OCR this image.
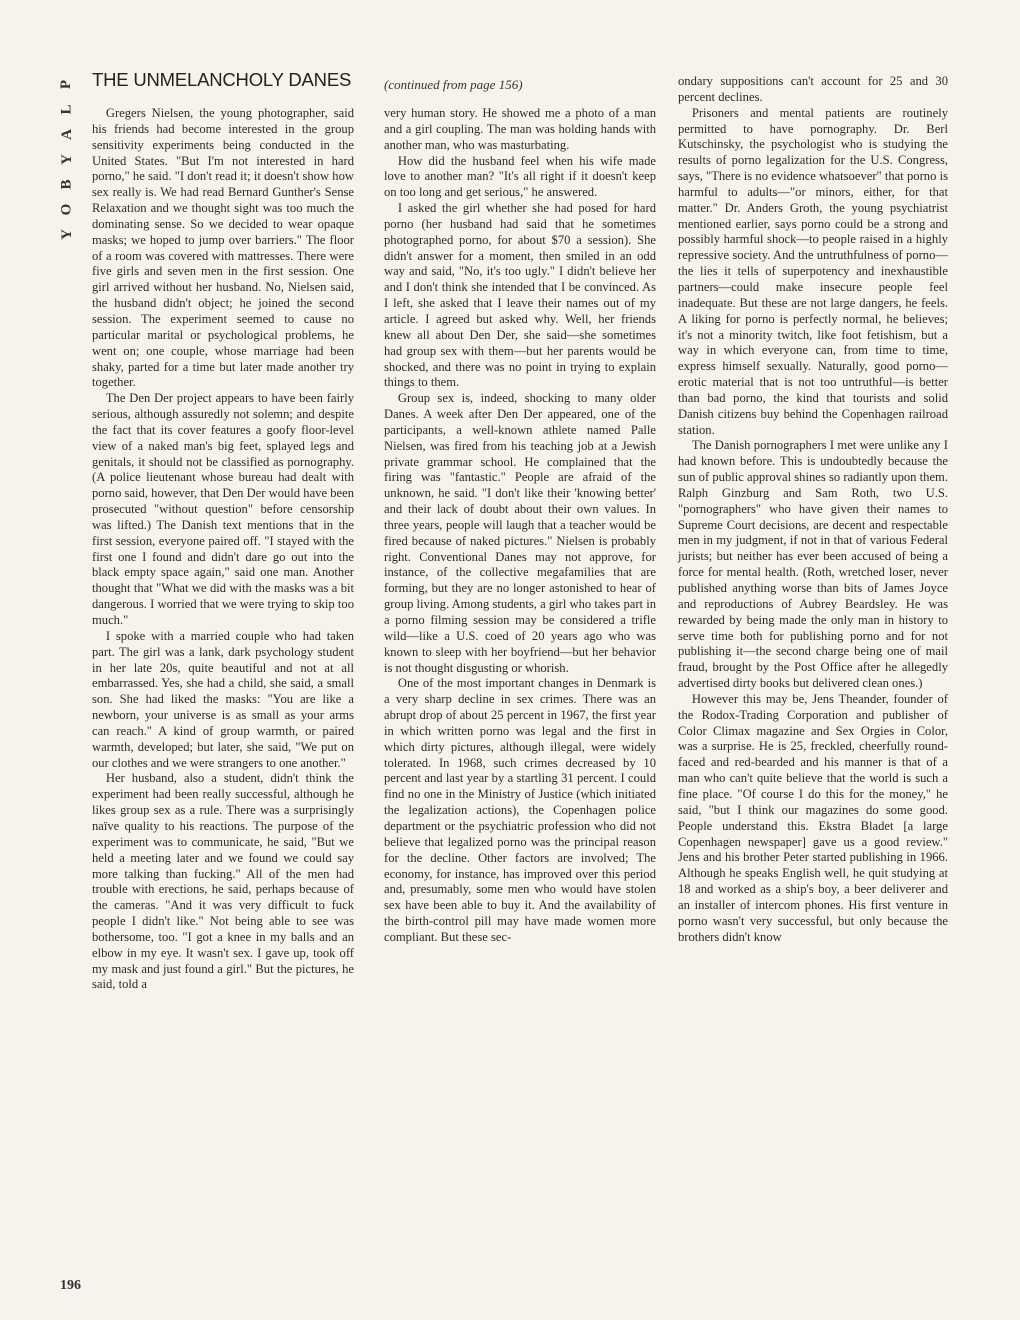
P
L
A
Y
B
O
Y
THE UNMELANCHOLY DANES

Gregers Nielsen, the young photographer, said his friends had become interested in the group sensitivity experiments being conducted in the United States. "But I'm not interested in hard porno," he said. "I don't read it; it doesn't show how sex really is. We had read Bernard Gunther's Sense Relaxation and we thought sight was too much the dominating sense. So we decided to wear opaque masks; we hoped to jump over barriers." The floor of a room was covered with mattresses. There were five girls and seven men in the first session. One girl arrived without her husband. No, Nielsen said, the husband didn't object; he joined the second session. The experiment seemed to cause no particular marital or psychological problems, he went on; one couple, whose marriage had been shaky, parted for a time but later made another try together.

The Den Der project appears to have been fairly serious, although assuredly not solemn; and despite the fact that its cover features a goofy floor-level view of a naked man's big feet, splayed legs and genitals, it should not be classified as pornography. (A police lieutenant whose bureau had dealt with porno said, however, that Den Der would have been prosecuted "without question" before censorship was lifted.) The Danish text mentions that in the first session, everyone paired off. "I stayed with the first one I found and didn't dare go out into the black empty space again," said one man. Another thought that "What we did with the masks was a bit dangerous. I worried that we were trying to skip too much."

I spoke with a married couple who had taken part. The girl was a lank, dark psychology student in her late 20s, quite beautiful and not at all embarrassed. Yes, she had a child, she said, a small son. She had liked the masks: "You are like a newborn, your universe is as small as your arms can reach." A kind of group warmth, or paired warmth, developed; but later, she said, "We put on our clothes and we were strangers to one another."

Her husband, also a student, didn't think the experiment had been really successful, although he likes group sex as a rule. There was a surprisingly naïve quality to his reactions. The purpose of the experiment was to communicate, he said, "But we held a meeting later and we found we could say more talking than fucking." All of the men had trouble with erections, he said, perhaps because of the cameras. "And it was very difficult to fuck people I didn't like." Not being able to see was bothersome, too. "I got a knee in my balls and an elbow in my eye. It wasn't sex. I gave up, took off my mask and just found a girl." But the pictures, he said, told a

(continued from page 156)

very human story. He showed me a photo of a man and a girl coupling. The man was holding hands with another man, who was masturbating.

How did the husband feel when his wife made love to another man? "It's all right if it doesn't keep on too long and get serious," he answered.

I asked the girl whether she had posed for hard porno (her husband had said that he sometimes photographed porno, for about $70 a session). She didn't answer for a moment, then smiled in an odd way and said, "No, it's too ugly." I didn't believe her and I don't think she intended that I be convinced. As I left, she asked that I leave their names out of my article. I agreed but asked why. Well, her friends knew all about Den Der, she said—she sometimes had group sex with them—but her parents would be shocked, and there was no point in trying to explain things to them.

Group sex is, indeed, shocking to many older Danes. A week after Den Der appeared, one of the participants, a well-known athlete named Palle Nielsen, was fired from his teaching job at a Jewish private grammar school. He complained that the firing was "fantastic." People are afraid of the unknown, he said. "I don't like their 'knowing better' and their lack of doubt about their own values. In three years, people will laugh that a teacher would be fired because of naked pictures." Nielsen is probably right. Conventional Danes may not approve, for instance, of the collective megafamilies that are forming, but they are no longer astonished to hear of group living. Among students, a girl who takes part in a porno filming session may be considered a trifle wild—like a U.S. coed of 20 years ago who was known to sleep with her boyfriend—but her behavior is not thought disgusting or whorish.

One of the most important changes in Denmark is a very sharp decline in sex crimes. There was an abrupt drop of about 25 percent in 1967, the first year in which written porno was legal and the first in which dirty pictures, although illegal, were widely tolerated. In 1968, such crimes decreased by 10 percent and last year by a startling 31 percent. I could find no one in the Ministry of Justice (which initiated the legalization actions), the Copenhagen police department or the psychiatric profession who did not believe that legalized porno was the principal reason for the decline. Other factors are involved; The economy, for instance, has improved over this period and, presumably, some men who would have stolen sex have been able to buy it. And the availability of the birth-control pill may have made women more compliant. But these sec-

ondary suppositions can't account for 25 and 30 percent declines.

Prisoners and mental patients are routinely permitted to have pornography. Dr. Berl Kutschinsky, the psychologist who is studying the results of porno legalization for the U.S. Congress, says, "There is no evidence whatsoever" that porno is harmful to adults—"or minors, either, for that matter." Dr. Anders Groth, the young psychiatrist mentioned earlier, says porno could be a strong and possibly harmful shock—to people raised in a highly repressive society. And the untruthfulness of porno—the lies it tells of superpotency and inexhaustible partners—could make insecure people feel inadequate. But these are not large dangers, he feels. A liking for porno is perfectly normal, he believes; it's not a minority twitch, like foot fetishism, but a way in which everyone can, from time to time, express himself sexually. Naturally, good porno—erotic material that is not too untruthful—is better than bad porno, the kind that tourists and solid Danish citizens buy behind the Copenhagen railroad station.

The Danish pornographers I met were unlike any I had known before. This is undoubtedly because the sun of public approval shines so radiantly upon them. Ralph Ginzburg and Sam Roth, two U.S. "pornographers" who have given their names to Supreme Court decisions, are decent and respectable men in my judgment, if not in that of various Federal jurists; but neither has ever been accused of being a force for mental health. (Roth, wretched loser, never published anything worse than bits of James Joyce and reproductions of Aubrey Beardsley. He was rewarded by being made the only man in history to serve time both for publishing porno and for not publishing it—the second charge being one of mail fraud, brought by the Post Office after he allegedly advertised dirty books but delivered clean ones.)

However this may be, Jens Theander, founder of the Rodox-Trading Corporation and publisher of Color Climax magazine and Sex Orgies in Color, was a surprise. He is 25, freckled, cheerfully round-faced and red-bearded and his manner is that of a man who can't quite believe that the world is such a fine place. "Of course I do this for the money," he said, "but I think our magazines do some good. People understand this. Ekstra Bladet [a large Copenhagen newspaper] gave us a good review." Jens and his brother Peter started publishing in 1966. Although he speaks English well, he quit studying at 18 and worked as a ship's boy, a beer deliverer and an installer of intercom phones. His first venture in porno wasn't very successful, but only because the brothers didn't know

196
